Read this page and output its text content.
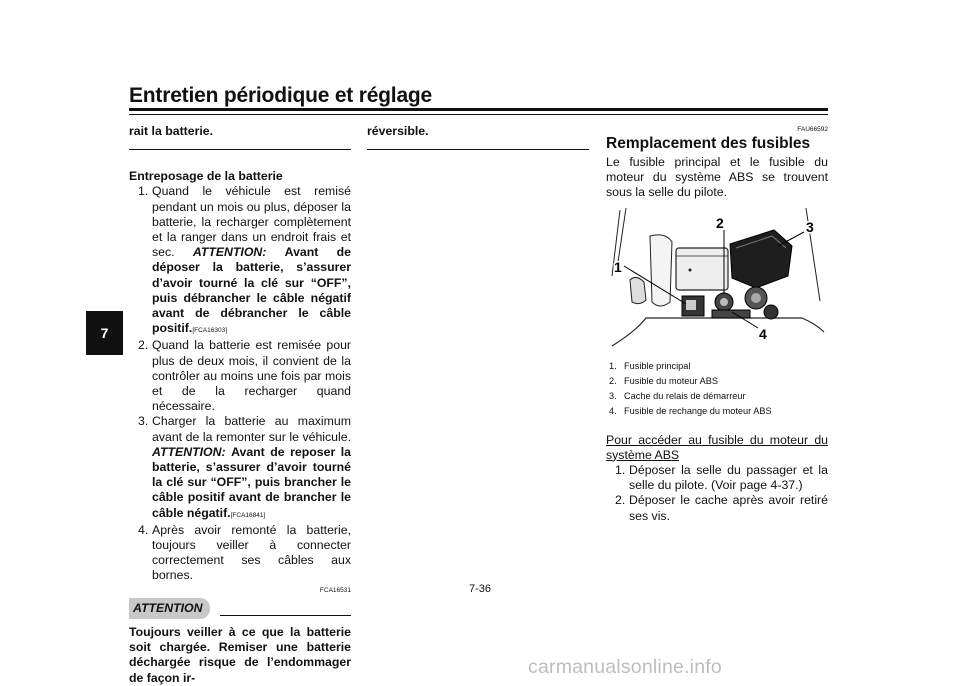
Entretien périodique et réglage
7
rait la batterie.
Entreposage de la batterie
1. Quand le véhicule est remisé pendant un mois ou plus, déposer la batterie, la recharger complètement et la ranger dans un endroit frais et sec. ATTENTION: Avant de déposer la batterie, s’assurer d’avoir tourné la clé sur “OFF”, puis débrancher le câble négatif avant de débrancher le câble positif.[FCA16303]
2. Quand la batterie est remisée pour plus de deux mois, il convient de la contrôler au moins une fois par mois et de la recharger quand nécessaire.
3. Charger la batterie au maximum avant de la remonter sur le véhicule. ATTENTION: Avant de reposer la batterie, s’assurer d’avoir tourné la clé sur “OFF”, puis brancher le câble positif avant de brancher le câble négatif.[FCA16841]
4. Après avoir remonté la batterie, toujours veiller à connecter correctement ses câbles aux bornes.
FCA16531
ATTENTION
Toujours veiller à ce que la batterie soit chargée. Remiser une batterie déchargée risque de l’endommager de façon ir-
réversible.	FAU66592
Remplacement des fusibles
Le fusible principal et le fusible du moteur du système ABS se trouvent sous la selle du pilote.
1
2	3
4
1. Fusible principal
2. Fusible du moteur ABS
3. Cache du relais de démarreur
4. Fusible de rechange du moteur ABS
Pour accéder au fusible du moteur du système ABS
1. Déposer la selle du passager et la selle du pilote. (Voir page 4-37.)
2. Déposer le cache après avoir retiré ses vis.
7-36
carmanualsonline.info
